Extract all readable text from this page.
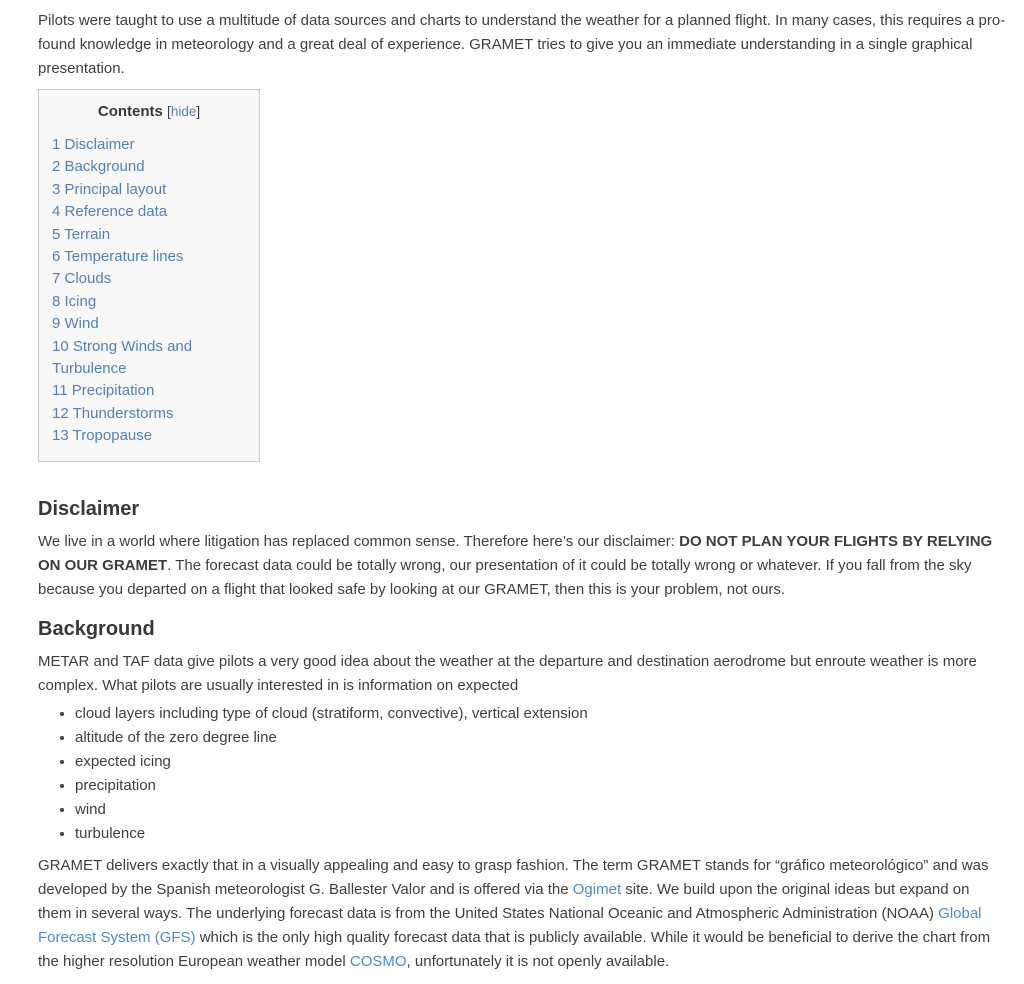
Pilots were taught to use a multitude of data sources and charts to understand the weather for a planned flight. In many cases, this requires a profound knowledge in meteorology and a great deal of experience. GRAMET tries to give you an immediate understanding in a single graphical presentation.

Contents [hide]
1 Disclaimer
2 Background
3 Principal layout
4 Reference data
5 Terrain
6 Temperature lines
7 Clouds
8 Icing
9 Wind
10 Strong Winds and Turbulence
11 Precipitation
12 Thunderstorms
13 Tropopause
Disclaimer

We live in a world where litigation has replaced common sense. Therefore here’s our disclaimer: DO NOT PLAN YOUR FLIGHTS BY RELYING ON OUR GRAMET. The forecast data could be totally wrong, our presentation of it could be totally wrong or whatever. If you fall from the sky because you departed on a flight that looked safe by looking at our GRAMET, then this is your problem, not ours.

Background

METAR and TAF data give pilots a very good idea about the weather at the departure and destination aerodrome but enroute weather is more complex. What pilots are usually interested in is information on expected

• cloud layers including type of cloud (stratiform, convective), vertical extension
• altitude of the zero degree line
• expected icing
• precipitation
• wind
• turbulence

GRAMET delivers exactly that in a visually appealing and easy to grasp fashion. The term GRAMET stands for “gráfico meteorológico” and was developed by the Spanish meteorologist G. Ballester Valor and is offered via the Ogimet site. We build upon the original ideas but expand on them in several ways. The underlying forecast data is from the United States National Oceanic and Atmospheric Administration (NOAA) Global Forecast System (GFS) which is the only high quality forecast data that is publicly available. While it would be beneficial to derive the chart from the higher resolution European weather model COSMO, unfortunately it is not openly available.
